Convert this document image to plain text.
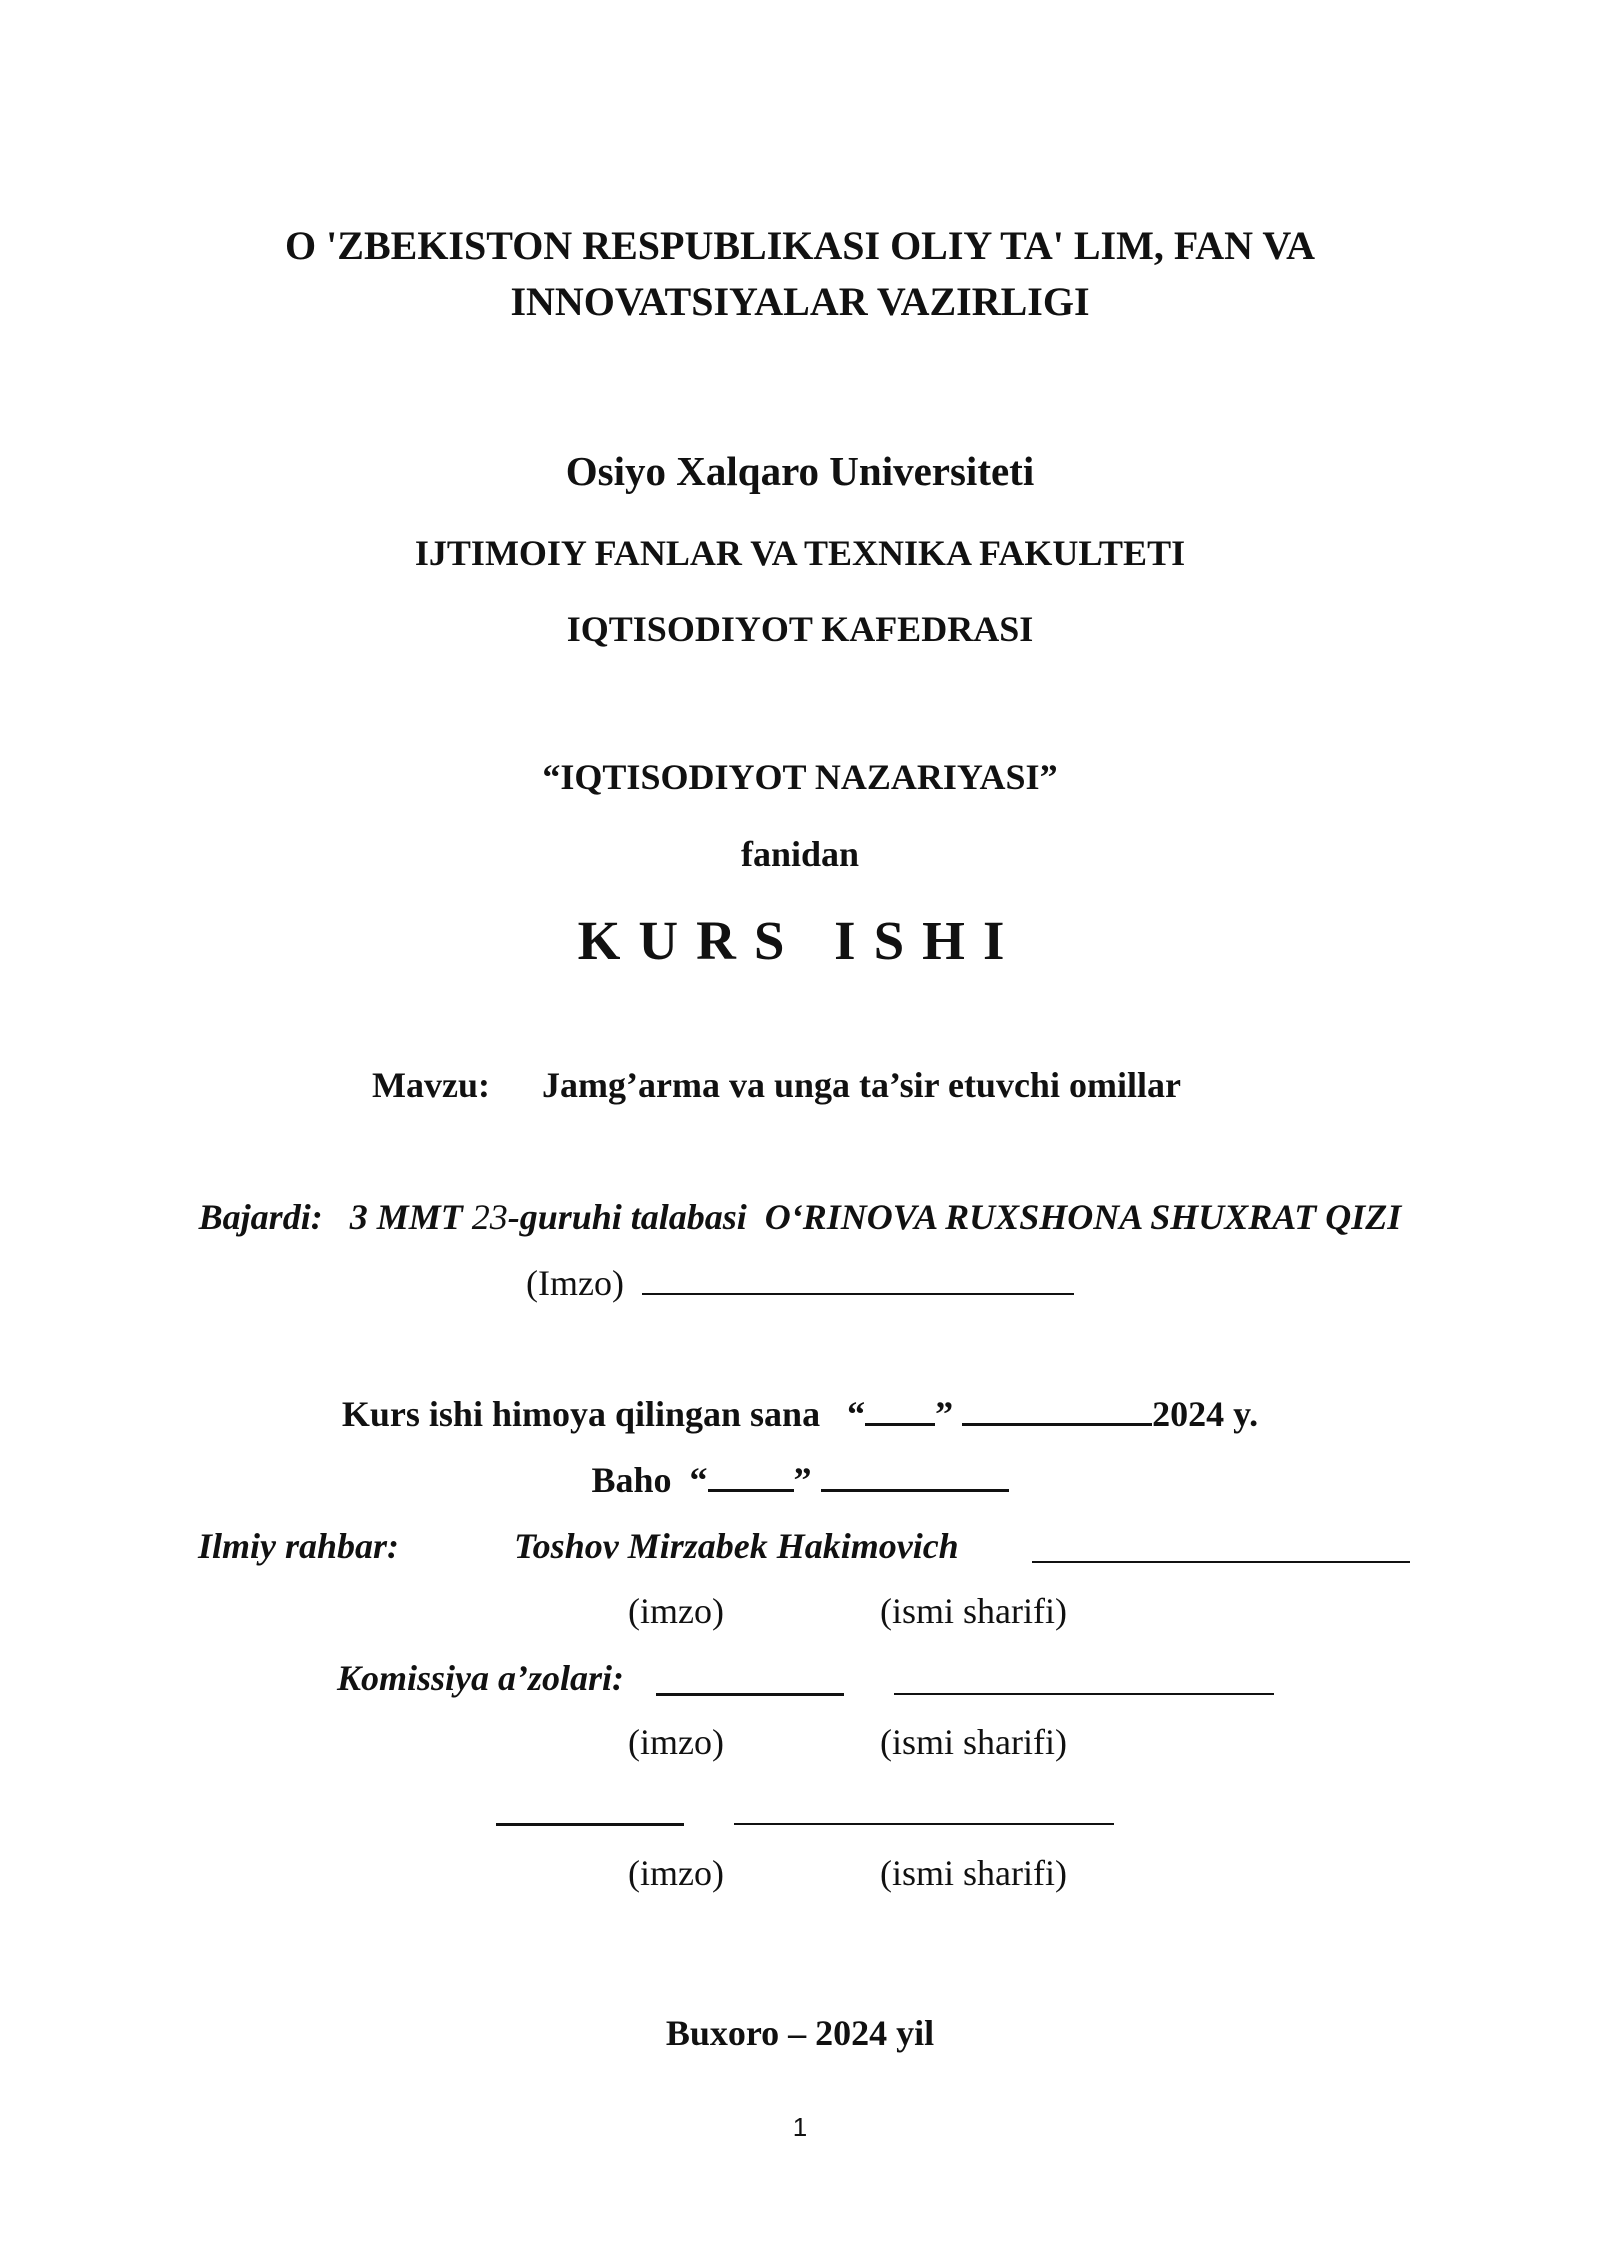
O 'ZBEKISTON RESPUBLIKASI OLIY TA' LIM, FAN VA
INNOVATSIYALAR VAZIRLIGI
Osiyo Xalqaro Universiteti
IJTIMOIY FANLAR VA TEXNIKA FAKULTETI
IQTISODIYOT KAFEDRASI
“IQTISODIYOT NAZARIYASI”
fanidan
KURS ISHI
Mavzu: Jamg’arma va unga ta’sir etuvchi omillar
Bajardi: 3 MMT 23-guruhi talabasi O‘RINOVA RUXSHONA SHUXRAT QIZI
(Imzo)
Kurs ishi himoya qilingan sana “ ”	2024 y.
Baho “ ”
Ilmiy rahbar:	Toshov Mirzabek Hakimovich
(imzo)	(ismi sharifi)
Komissiya a’zolari:
(imzo)	(ismi sharifi)
(imzo)	(ismi sharifi)
Buxoro – 2024 yil
1
